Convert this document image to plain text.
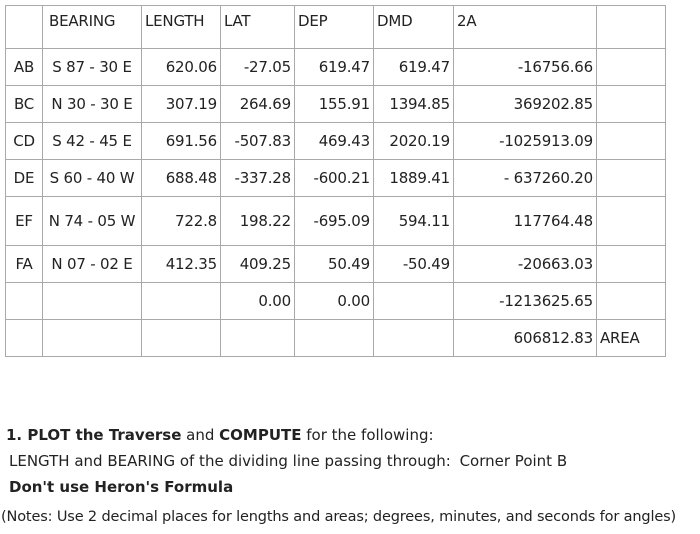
	BEARING	LENGTH	LAT	DEP	DMD	2A	
AB	S 87 - 30 E	620.06	-27.05	619.47	619.47	-16756.66	
BC	N 30 - 30 E	307.19	264.69	155.91	1394.85	369202.85	
CD	S 42 - 45 E	691.56	-507.83	469.43	2020.19	-1025913.09	
DE	S 60 - 40 W	688.48	-337.28	-600.21	1889.41	- 637260.20	
EF	N 74 - 05 W	722.8	198.22	-695.09	594.11	117764.48	
FA	N 07 - 02 E	412.35	409.25	50.49	-50.49	-20663.03	
			0.00	0.00		-1213625.65	
						606812.83	AREA
1. PLOT the Traverse and COMPUTE for the following:
LENGTH and BEARING of the dividing line passing through: Corner Point B
Don't use Heron's Formula
(Notes: Use 2 decimal places for lengths and areas; degrees, minutes, and seconds for angles)
